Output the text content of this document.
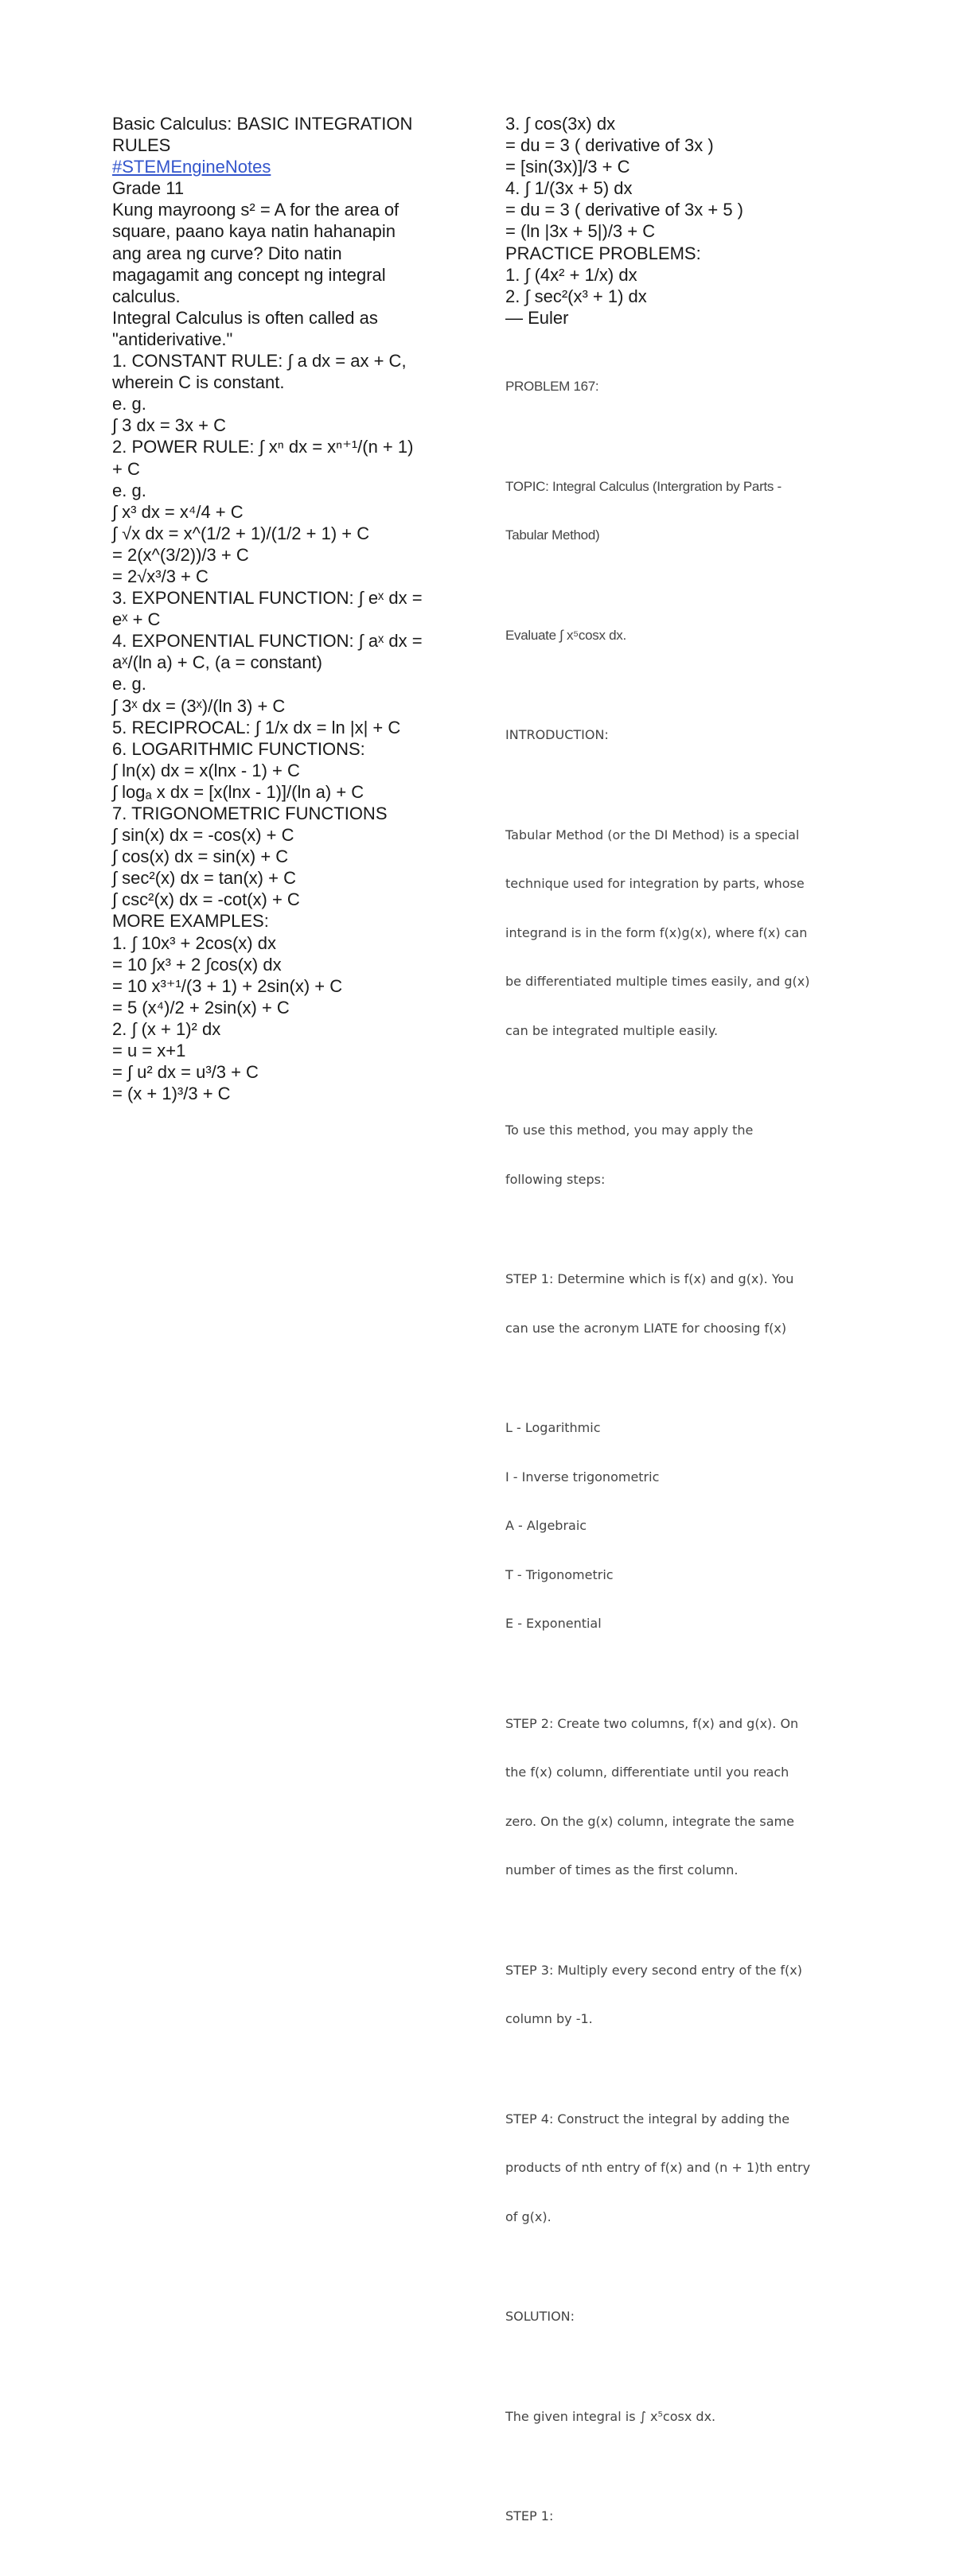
Basic Calculus: BASIC INTEGRATION
RULES
#STEMEngineNotes
Grade 11
Kung mayroong s² = A for the area of
square, paano kaya natin hahanapin
ang area ng curve? Dito natin
magagamit ang concept ng integral
calculus.
Integral Calculus is often called as
"antiderivative."
1. CONSTANT RULE: ∫ a dx = ax + C,
wherein C is constant.
e. g.
∫ 3 dx = 3x + C
2. POWER RULE: ∫ xⁿ dx = xⁿ⁺¹/(n + 1)
+ C
e. g.
∫ x³ dx = x⁴/4 + C
∫ √x dx = x^(1/2 + 1)/(1/2 + 1) + C
= 2(x^(3/2))/3 + C
= 2√x³/3 + C
3. EXPONENTIAL FUNCTION: ∫ eˣ dx =
eˣ + C
4. EXPONENTIAL FUNCTION: ∫ aˣ dx =
aˣ/(ln a) + C, (a = constant)
e. g.
∫ 3ˣ dx = (3ˣ)/(ln 3) + C
5. RECIPROCAL: ∫ 1/x dx = ln |x| + C
6. LOGARITHMIC FUNCTIONS:
∫ ln(x) dx = x(lnx - 1) + C
∫ logₐ x dx = [x(lnx - 1)]/(ln a) + C
7. TRIGONOMETRIC FUNCTIONS
∫ sin(x) dx = -cos(x) + C
∫ cos(x) dx = sin(x) + C
∫ sec²(x) dx = tan(x) + C
∫ csc²(x) dx = -cot(x) + C
MORE EXAMPLES:
1. ∫ 10x³ + 2cos(x) dx
= 10 ∫x³ + 2 ∫cos(x) dx
= 10 x³⁺¹/(3 + 1) + 2sin(x) + C
= 5 (x⁴)/2 + 2sin(x) + C
2. ∫ (x + 1)² dx
= u = x+1
= ∫ u² dx = u³/3 + C
= (x + 1)³/3 + C
3. ∫ cos(3x) dx
= du = 3 ( derivative of 3x )
= [sin(3x)]/3 + C
4. ∫ 1/(3x + 5) dx
= du = 3 ( derivative of 3x + 5 )
= (ln |3x + 5|)/3 + C
PRACTICE PROBLEMS:
1. ∫ (4x² + 1/x) dx
2. ∫ sec²(x³ + 1) dx
— Euler

PROBLEM 167:

TOPIC: Integral Calculus (Intergration by Parts -

Tabular Method)

Evaluate ∫ x⁵cosx dx.

INTRODUCTION:

Tabular Method (or the DI Method) is a special

technique used for integration by parts, whose

integrand is in the form f(x)g(x), where f(x) can

be differentiated multiple times easily, and g(x)

can be integrated multiple easily.

To use this method, you may apply the

following steps:

STEP 1: Determine which is f(x) and g(x). You

can use the acronym LIATE for choosing f(x)

L - Logarithmic

I - Inverse trigonometric

A - Algebraic

T - Trigonometric

E - Exponential

STEP 2: Create two columns, f(x) and g(x). On

the f(x) column, differentiate until you reach

zero. On the g(x) column, integrate the same

number of times as the first column.

STEP 3: Multiply every second entry of the f(x)

column by -1.

STEP 4: Construct the integral by adding the

products of nth entry of f(x) and (n + 1)th entry

of g(x).

SOLUTION:

The given integral is ∫ x⁵cosx dx.

STEP 1:
